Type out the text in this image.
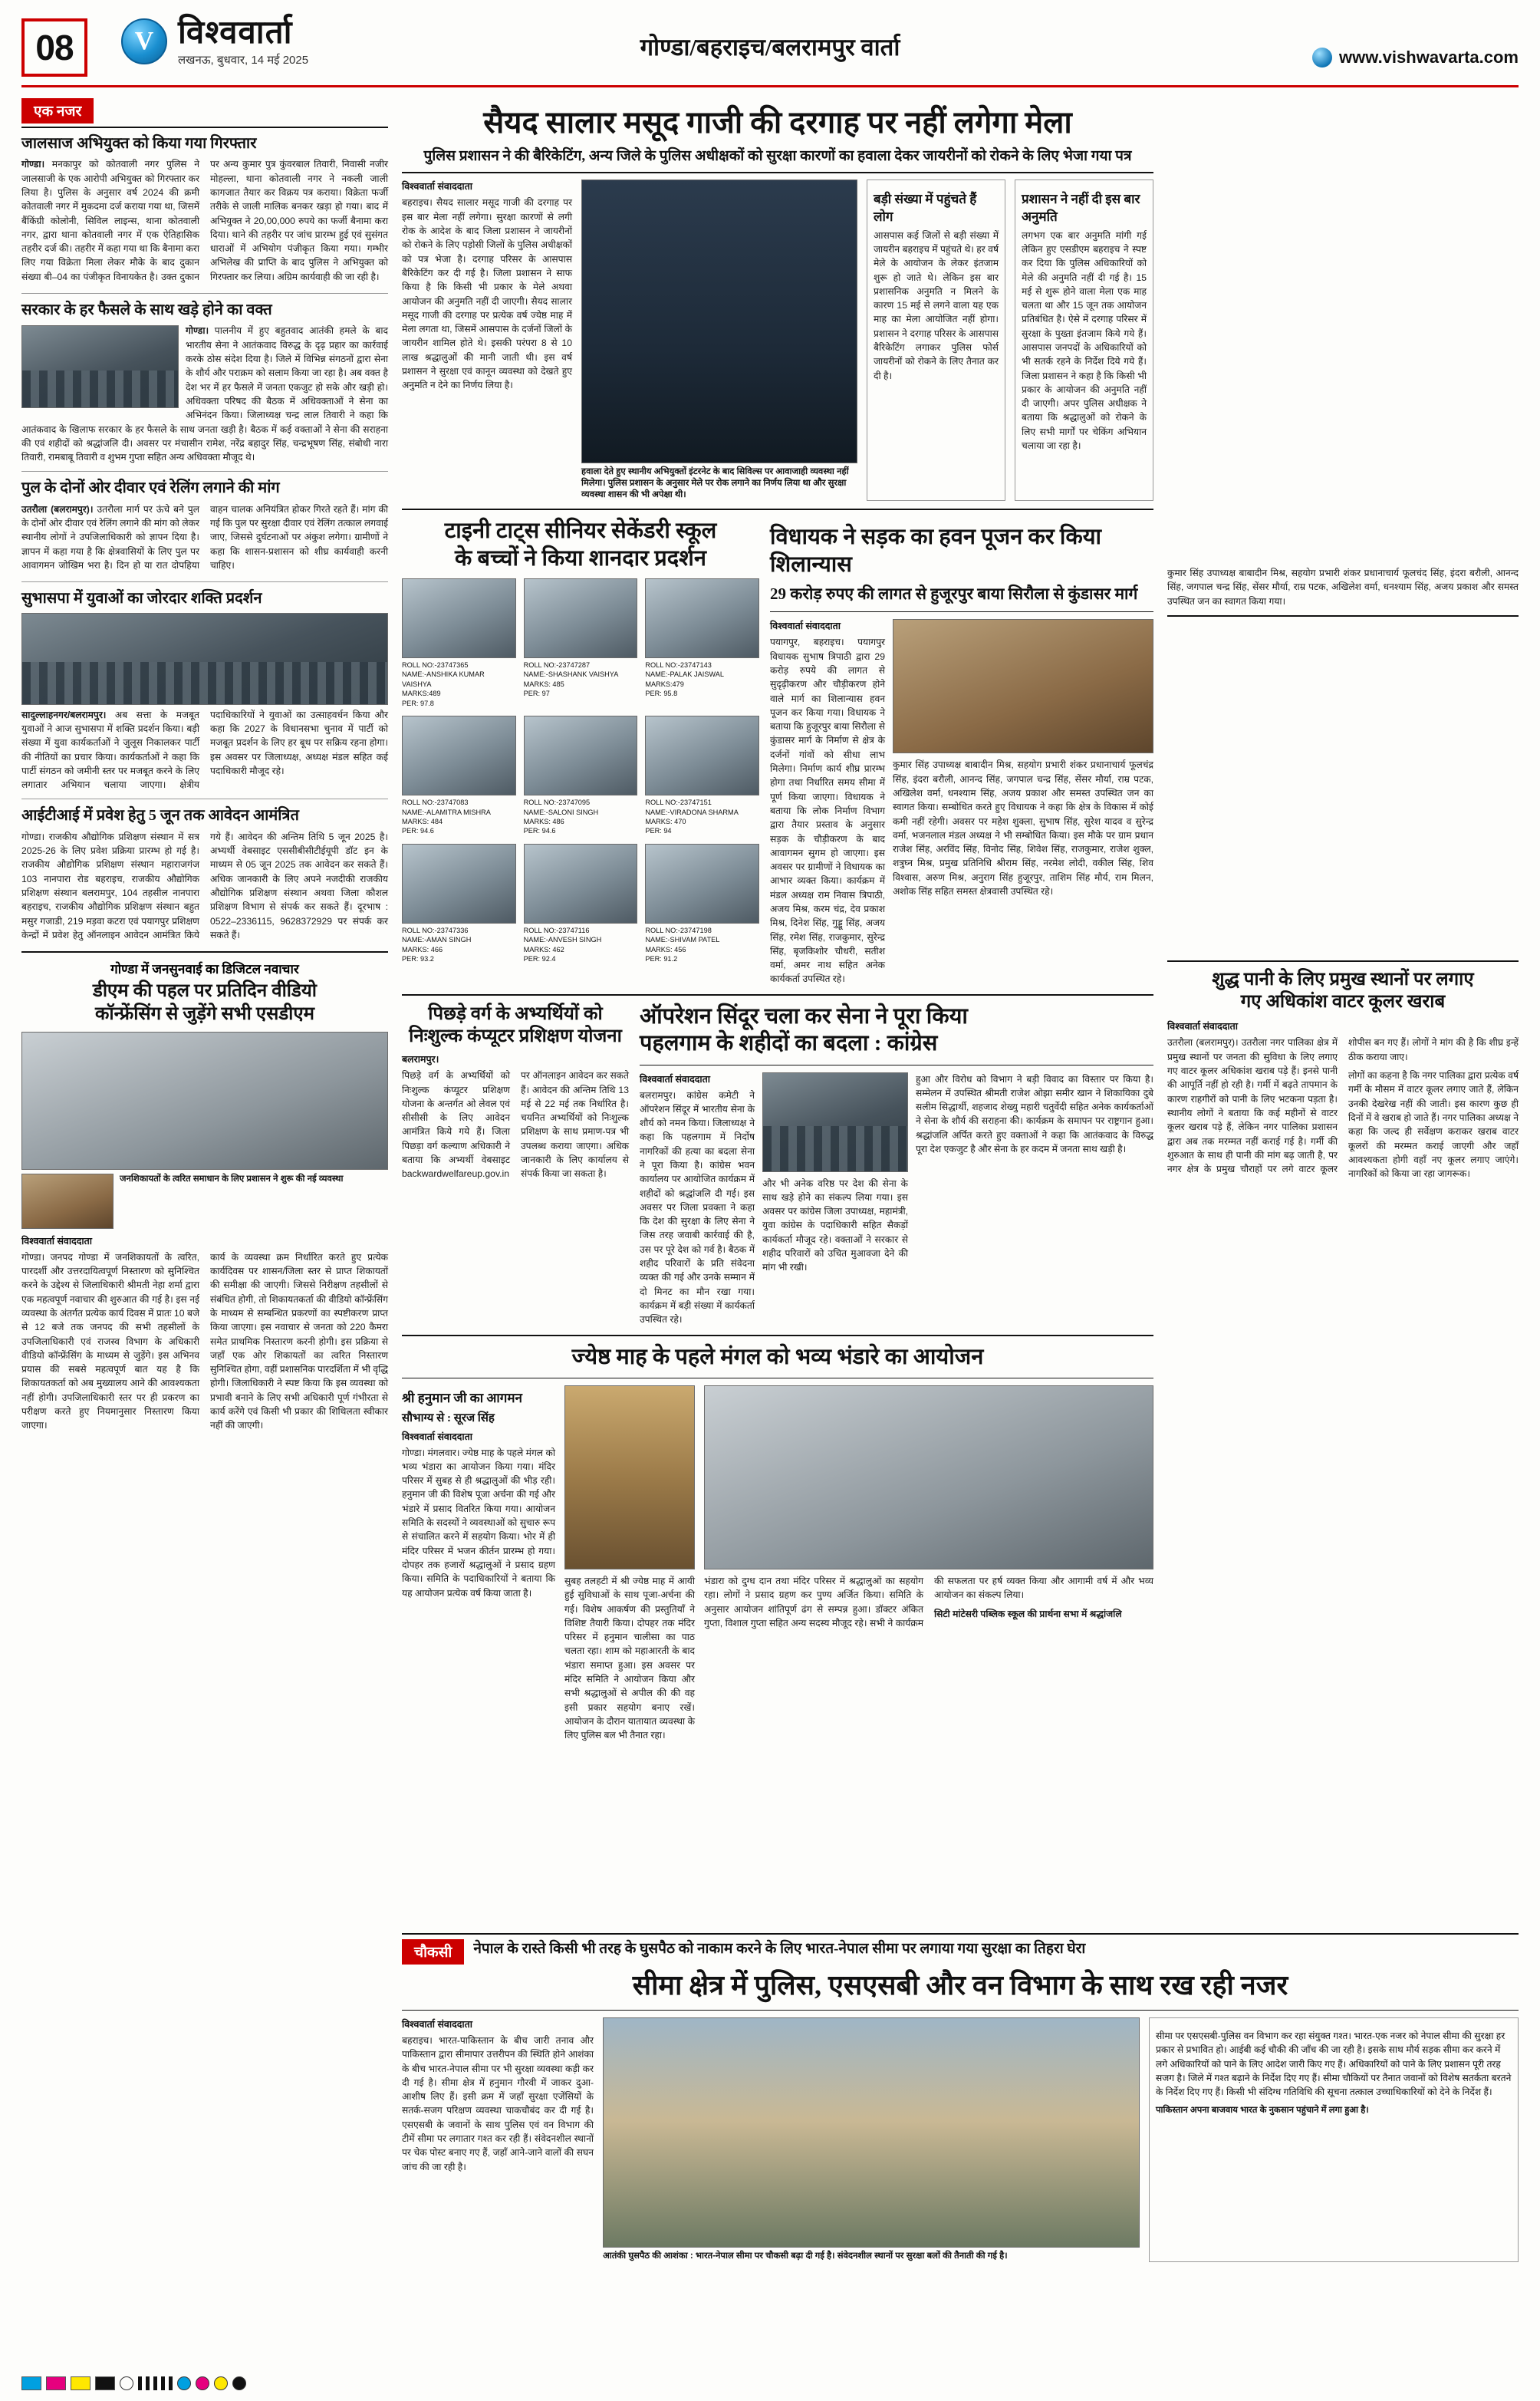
08	V विश्ववार्ता
लखनऊ, बुधवार, 14 मई 2025	गोण्डा/बहराइच/बलरामपुर वार्ता	www.vishwavarta.com
एक नजर
जालसाज अभियुक्त को किया गया गिरफ्तार

गोण्डा। मनकापुर को कोतवाली नगर पुलिस ने जालसाजी के एक आरोपी अभियुक्त को गिरफ्तार कर लिया है। पुलिस के अनुसार वर्ष 2024 की क्रमी कोतवाली नगर में मुकदमा दर्ज कराया गया था, जिसमें बैंकिंग्री कोलोनी, सिविल लाइन्स, थाना कोतवाली नगर, द्वारा थाना कोतवाली नगर में एक ऐतिहासिक तहरीर दर्ज की। तहरीर में कहा गया था कि बैनामा करा लिए गया विक्रेता मिला लेकर मौके के बाद दुकान संख्या बी–04 का पंजीकृत विनायकेत है। उक्त दुकान पर अन्य कुमार पुत्र कुंवरबाल तिवारी, निवासी नजीर मोहल्ला, थाना कोतवाली नगर ने नकली जाली कागजात तैयार कर विक्रय पत्र कराया। विक्रेता फर्जी तरीके से जाली मालिक बनकर खड़ा हो गया। बाद में अभियुक्त ने 20,00,000 रुपये का फर्जी बैनामा करा दिया। थाने की तहरीर पर जांच प्रारम्भ हुई एवं सुसंगत धाराओं में अभियोग पंजीकृत किया गया। गम्भीर अभिलेख की प्राप्ति के बाद पुलिस ने अभियुक्त को गिरफ्तार कर लिया। अग्रिम कार्यवाही की जा रही है।

सरकार के हर फैसले के साथ खड़े होने का वक्त

गोण्डा। पालनीय में हुए बहुतवाद आतंकी हमले के बाद भारतीय सेना ने आतंकवाद विरुद्ध के दृढ़ प्रहार का कार्रवाई करके ठोस संदेश दिया है। जिले में विभिन्न संगठनों द्वारा सेना के शौर्य और पराक्रम को सलाम किया जा रहा है। अब वक्त है देश भर में हर फैसले में जनता एकजुट हो सके और खड़ी हो। अधिवक्ता परिषद की बैठक में अधिवक्ताओं ने सेना का अभिनंदन किया। जिलाध्यक्ष चन्द्र लाल तिवारी ने कहा कि आतंकवाद के खिलाफ सरकार के हर फैसले के साथ जनता खड़ी है। बैठक में कई वक्ताओं ने सेना की सराहना की एवं शहीदों को श्रद्धांजलि दी। अवसर पर मंचासीन रामेश, नरेंद्र बहादुर सिंह, चन्द्रभूषण सिंह, संबोधी नारा तिवारी, रामबाबू तिवारी व शुभम गुप्ता सहित अन्य अधिवक्ता मौजूद थे।

पुल के दोनों ओर दीवार एवं रेलिंग लगाने की मांग

उतरौला (बलरामपुर)। उतरौला मार्ग पर ऊंचे बने पुल के दोनों ओर दीवार एवं रेलिंग लगाने की मांग को लेकर स्थानीय लोगों ने उपजिलाधिकारी को ज्ञापन दिया है। ज्ञापन में कहा गया है कि क्षेत्रवासियों के लिए पुल पर आवागमन जोखिम भरा है। दिन हो या रात दोपहिया वाहन चालक अनियंत्रित होकर गिरते रहते हैं। मांग की गई कि पुल पर सुरक्षा दीवार एवं रेलिंग तत्काल लगवाई जाए, जिससे दुर्घटनाओं पर अंकुश लगेगा। ग्रामीणों ने कहा कि शासन-प्रशासन को शीघ्र कार्यवाही करनी चाहिए।

सुभासपा में युवाओं का जोरदार शक्ति प्रदर्शन

सादुल्लाहनगर/बलरामपुर। अब सत्ता के मजबूत युवाओं ने आज सुभासपा में शक्ति प्रदर्शन किया। बड़ी संख्या में युवा कार्यकर्ताओं ने जुलूस निकालकर पार्टी की नीतियों का प्रचार किया। कार्यकर्ताओं ने कहा कि पार्टी संगठन को जमीनी स्तर पर मजबूत करने के लिए लगातार अभियान चलाया जाएगा। क्षेत्रीय पदाधिकारियों ने युवाओं का उत्साहवर्धन किया और कहा कि 2027 के विधानसभा चुनाव में पार्टी को मजबूत प्रदर्शन के लिए हर बूथ पर सक्रिय रहना होगा। इस अवसर पर जिलाध्यक्ष, अध्यक्ष मंडल सहित कई पदाधिकारी मौजूद रहे।

आईटीआई में प्रवेश हेतु 5 जून तक आवेदन आमंत्रित

गोण्डा। राजकीय औद्योगिक प्रशिक्षण संस्थान में सत्र 2025-26 के लिए प्रवेश प्रक्रिया प्रारम्भ हो गई है। राजकीय औद्योगिक प्रशिक्षण संस्थान महाराजगंज 103 नानपारा रोड बहराइच, राजकीय औद्योगिक प्रशिक्षण संस्थान बलरामपुर, 104 तहसील नानपारा बहराइच, राजकीय औद्योगिक प्रशिक्षण संस्थान बहुत मसुर गजाडी, 219 मड़वा कटरा एवं पयागपुर प्रशिक्षण केन्द्रों में प्रवेश हेतु ऑनलाइन आवेदन आमंत्रित किये गये हैं। आवेदन की अन्तिम तिथि 5 जून 2025 है। अभ्यर्थी वेबसाइट एससीबीसीटीईयूपी डॉट इन के माध्यम से 05 जून 2025 तक आवेदन कर सकते हैं। अधिक जानकारी के लिए अपने नजदीकी राजकीय औद्योगिक प्रशिक्षण संस्थान अथवा जिला कौशल प्रशिक्षण विभाग से संपर्क कर सकते हैं। दूरभाष : 0522–2336115, 9628372929 पर संपर्क कर सकते हैं।

गोण्डा में जनसुनवाई का डिजिटल नवाचार
डीएम की पहल पर प्रतिदिन वीडियो
कॉन्फ्रेंसिंग से जुड़ेंगे सभी एसडीएम
जनशिकायतों के त्वरित समाधान के लिए प्रशासन ने शुरू की नई व्यवस्था
विश्ववार्ता संवाददाता

गोण्डा। जनपद गोण्डा में जनशिकायतों के त्वरित, पारदर्शी और उत्तरदायित्वपूर्ण निस्तारण को सुनिश्चित करने के उद्देश्य से जिलाधिकारी श्रीमती नेहा शर्मा द्वारा एक महत्वपूर्ण नवाचार की शुरुआत की गई है। इस नई व्यवस्था के अंतर्गत प्रत्येक कार्य दिवस में प्रातः 10 बजे से 12 बजे तक जनपद की सभी तहसीलों के उपजिलाधिकारी एवं राजस्व विभाग के अधिकारी वीडियो कॉन्फ्रेंसिंग के माध्यम से जुड़ेंगे। इस अभिनव प्रयास की सबसे महत्वपूर्ण बात यह है कि शिकायतकर्ता को अब मुख्यालय आने की आवश्यकता नहीं होगी। उपजिलाधिकारी स्तर पर ही प्रकरण का परीक्षण करते हुए नियमानुसार निस्तारण किया जाएगा।

कार्य के व्यवस्था क्रम निर्धारित करते हुए प्रत्येक कार्यदिवस पर शासन/जिला स्तर से प्राप्त शिकायतों की समीक्षा की जाएगी। जिससे निरीक्षण तहसीलों से संबंधित होगी, तो शिकायतकर्ता की वीडियो कॉन्फ्रेंसिंग के माध्यम से सम्बन्धित प्रकरणों का स्पष्टीकरण प्राप्त किया जाएगा। इस नवाचार से जनता को 220 कैमरा समेत प्राथमिक निस्तारण करनी होगी। इस प्रक्रिया से जहाँ एक ओर शिकायतों का त्वरित निस्तारण सुनिश्चित होगा, वहीं प्रशासनिक पारदर्शिता में भी वृद्धि होगी। जिलाधिकारी ने स्पष्ट किया कि इस व्यवस्था को प्रभावी बनाने के लिए सभी अधिकारी पूर्ण गंभीरता से कार्य करेंगे एवं किसी भी प्रकार की शिथिलता स्वीकार नहीं की जाएगी।

सैयद सालार मसूद गाजी की दरगाह पर नहीं लगेगा मेला
पुलिस प्रशासन ने की बैरिकेटिंग, अन्य जिले के पुलिस अधीक्षकों को सुरक्षा कारणों का हवाला देकर जायरीनों को रोकने के लिए भेजा गया पत्र
विश्ववार्ता संवाददाता
बहराइच। सैयद सालार मसूद गाजी की दरगाह पर इस बार मेला नहीं लगेगा। सुरक्षा कारणों से लगी रोक के आदेश के बाद जिला प्रशासन ने जायरीनों को रोकने के लिए पड़ोसी जिलों के पुलिस अधीक्षकों को पत्र भेजा है। दरगाह परिसर के आसपास बैरिकेटिंग कर दी गई है। जिला प्रशासन ने साफ किया है कि किसी भी प्रकार के मेले अथवा आयोजन की अनुमति नहीं दी जाएगी। सैयद सालार मसूद गाजी की दरगाह पर प्रत्येक वर्ष ज्येष्ठ माह में मेला लगता था, जिसमें आसपास के दर्जनों जिलों के जायरीन शामिल होते थे। इसकी परंपरा 8 से 10 लाख श्रद्धालुओं की मानी जाती थी। इस वर्ष प्रशासन ने सुरक्षा एवं कानून व्यवस्था को देखते हुए अनुमति न देने का निर्णय लिया है।
हवाला देते हुए स्थानीय अभियुक्तों इंटरनेट के बाद सिविल्स पर आवाजाही व्यवस्था नहीं मिलेगा। पुलिस प्रशासन के अनुसार मेले पर रोक लगाने का निर्णय लिया था और सुरक्षा व्यवस्था शासन की भी अपेक्षा थी।
बड़ी संख्या में पहुंचते हैं लोग
आसपास कई जिलों से बड़ी संख्या में जायरीन बहराइच में पहुंचते थे। हर वर्ष मेले के आयोजन के लेकर इंतजाम शुरू हो जाते थे। लेकिन इस बार प्रशासनिक अनुमति न मिलने के कारण 15 मई से लगने वाला यह एक माह का मेला आयोजित नहीं होगा। प्रशासन ने दरगाह परिसर के आसपास बैरिकेटिंग लगाकर पुलिस फोर्स जायरीनों को रोकने के लिए तैनात कर दी है।
प्रशासन ने नहीं दी इस बार अनुमति
लगभग एक बार अनुमति मांगी गई लेकिन हुए एसडीएम बहराइच ने स्पष्ट कर दिया कि पुलिस अधिकारियों को मेले की अनुमति नहीं दी गई है। 15 मई से शुरू होने वाला मेला एक माह चलता था और 15 जून तक आयोजन प्रतिबंधित है। ऐसे में दरगाह परिसर में सुरक्षा के पुख्ता इंतजाम किये गये हैं। आसपास जनपदों के अधिकारियों को भी सतर्क रहने के निर्देश दिये गये हैं। जिला प्रशासन ने कहा है कि किसी भी प्रकार के आयोजन की अनुमति नहीं दी जाएगी। अपर पुलिस अधीक्षक ने बताया कि श्रद्धालुओं को रोकने के लिए सभी मार्गों पर चेकिंग अभियान चलाया जा रहा है।
टाइनी टाट्स सीनियर सेकेंडरी स्कूल
के बच्चों ने किया शानदार प्रदर्शन
ROLL NO:-23747365
NAME:-ANSHIKA KUMAR VAISHYA
MARKS:489
PER: 97.8
ROLL NO:-23747287
NAME:-SHASHANK VAISHYA
MARKS: 485
PER: 97
ROLL NO:-23747143
NAME:-PALAK JAISWAL
MARKS:479
PER: 95.8
ROLL NO:-23747083
NAME:-ALAMITRA MISHRA
MARKS: 484
PER: 94.6
ROLL NO:-23747095
NAME:-SALONI SINGH
MARKS: 486
PER: 94.6
ROLL NO:-23747151
NAME:-VIRADONA SHARMA
MARKS: 470
PER: 94
ROLL NO:-23747336
NAME:-AMAN SINGH
MARKS: 466
PER: 93.2
ROLL NO:-23747116
NAME:-ANVESH SINGH
MARKS: 462
PER: 92.4
ROLL NO:-23747198
NAME:-SHIVAM PATEL
MARKS: 456
PER: 91.2
विधायक ने सड़क का हवन पूजन कर किया शिलान्यास
29 करोड़ रुपए की लागत से हुजूरपुर बाया सिरौला से कुंडासर मार्ग
विश्ववार्ता संवाददाता
पयागपुर, बहराइच। पयागपुर विधायक सुभाष त्रिपाठी द्वारा 29 करोड़ रुपये की लागत से सुदृढ़ीकरण और चौड़ीकरण होने वाले मार्ग का शिलान्यास हवन पूजन कर किया गया। विधायक ने बताया कि हुजूरपुर बाया सिरौला से कुंडासर मार्ग के निर्माण से क्षेत्र के दर्जनों गांवों को सीधा लाभ मिलेगा। निर्माण कार्य शीघ्र प्रारम्भ होगा तथा निर्धारित समय सीमा में पूर्ण किया जाएगा। विधायक ने बताया कि लोक निर्माण विभाग द्वारा तैयार प्रस्ताव के अनुसार सड़क के चौड़ीकरण के बाद आवागमन सुगम हो जाएगा। इस अवसर पर ग्रामीणों ने विधायक का आभार व्यक्त किया। कार्यक्रम में मंडल अध्यक्ष राम निवास त्रिपाठी, अजय मिश्र, करम चंद्र, देव प्रकाश मिश्र, दिनेश सिंह, गुड्डू सिंह, अजय सिंह, रमेश सिंह, राजकुमार, सुरेन्द्र सिंह, बृजकिशोर चौधरी, सतीश वर्मा, अमर नाथ सहित अनेक कार्यकर्ता उपस्थित रहे।
कुमार सिंह उपाध्यक्ष बाबादीन मिश्र, सहयोग प्रभारी शंकर प्रधानाचार्य फूलचंद्र सिंह, इंदरा बरौली, आनन्द सिंह, जगपाल चन्द्र सिंह, सेंसर मौर्या, राम्र पटक, अखिलेश वर्मा, धनश्याम सिंह, अजय प्रकाश और समस्त उपस्थित जन का स्वागत किया। सम्बोधित करते हुए विधायक ने कहा कि क्षेत्र के विकास में कोई कमी नहीं रहेगी। अवसर पर महेश शुक्ला, सुभाष सिंह, सुरेश यादव व सुरेन्द्र वर्मा, भजनलाल मंडल अध्यक्ष ने भी सम्बोधित किया। इस मौके पर ग्राम प्रधान राजेश सिंह, अरविंद सिंह, विनोद सिंह, शिवेश सिंह, राजकुमार, राजेश शुक्ल, शत्रुघ्न मिश्र, प्रमुख प्रतिनिधि श्रीराम सिंह, नरमेश लोदी, वकील सिंह, शिव विश्वास, अरुण मिश्र, अनुराग सिंह हुजूरपुर, ताशिम सिंह मौर्य, राम मिलन, अशोक सिंह सहित समस्त क्षेत्रवासी उपस्थित रहे।
पिछड़े वर्ग के अभ्यर्थियों को
निःशुल्क कंप्यूटर प्रशिक्षण योजना
बलरामपुर।
पिछड़े वर्ग के अभ्यर्थियों को निःशुल्क कंप्यूटर प्रशिक्षण योजना के अन्तर्गत ओ लेवल एवं सीसीसी के लिए आवेदन आमंत्रित किये गये हैं। जिला पिछड़ा वर्ग कल्याण अधिकारी ने बताया कि अभ्यर्थी वेबसाइट backwardwelfareup.gov.in पर ऑनलाइन आवेदन कर सकते हैं। आवेदन की अन्तिम तिथि 13 मई से 22 मई तक निर्धारित है। चयनित अभ्यर्थियों को निःशुल्क प्रशिक्षण के साथ प्रमाण-पत्र भी उपलब्ध कराया जाएगा। अधिक जानकारी के लिए कार्यालय से संपर्क किया जा सकता है।
ऑपरेशन सिंदूर चला कर सेना ने पूरा किया
पहलगाम के शहीदों का बदला : कांग्रेस
विश्ववार्ता संवाददाता
बलरामपुर। कांग्रेस कमेटी ने ऑपरेशन सिंदूर में भारतीय सेना के शौर्य को नमन किया। जिलाध्यक्ष ने कहा कि पहलगाम में निर्दोष नागरिकों की हत्या का बदला सेना ने पूरा किया है। कांग्रेस भवन कार्यालय पर आयोजित कार्यक्रम में शहीदों को श्रद्धांजलि दी गई। इस अवसर पर जिला प्रवक्ता ने कहा कि देश की सुरक्षा के लिए सेना ने जिस तरह जवाबी कार्रवाई की है, उस पर पूरे देश को गर्व है। बैठक में शहीद परिवारों के प्रति संवेदना व्यक्त की गई और उनके सम्मान में दो मिनट का मौन रखा गया। कार्यक्रम में बड़ी संख्या में कार्यकर्ता उपस्थित रहे।
और भी अनेक वरिष्ठ पर देश की सेना के साथ खड़े होने का संकल्प लिया गया। इस अवसर पर कांग्रेस जिला उपाध्यक्ष, महामंत्री, युवा कांग्रेस के पदाधिकारी सहित सैकड़ों कार्यकर्ता मौजूद रहे। वक्ताओं ने सरकार से शहीद परिवारों को उचित मुआवजा देने की मांग भी रखी।
हुआ और विरोध को विभाग ने बड़ी विवाद का विस्तार पर किया है। सम्मेलन में उपस्थित श्रीमती राजेश ओझा समीर खान ने शिकायिका दुबे सलीम सिद्धार्थी, शहजाद शेख्यु महारी चतुर्वेदी सहित अनेक कार्यकर्ताओं ने सेना के शौर्य की सराहना की। कार्यक्रम के समापन पर राष्ट्रगान हुआ। श्रद्धांजलि अर्पित करते हुए वक्ताओं ने कहा कि आतंकवाद के विरुद्ध पूरा देश एकजुट है और सेना के हर कदम में जनता साथ खड़ी है।
ज्येष्ठ माह के पहले मंगल को भव्य भंडारे का आयोजन
श्री हनुमान जी का आगमन
सौभाग्य से : सूरज सिंह
विश्ववार्ता संवाददाता
गोण्डा। मंगलवार। ज्येष्ठ माह के पहले मंगल को भव्य भंडारा का आयोजन किया गया। मंदिर परिसर में सुबह से ही श्रद्धालुओं की भीड़ रही। हनुमान जी की विशेष पूजा अर्चना की गई और भंडारे में प्रसाद वितरित किया गया। आयोजन समिति के सदस्यों ने व्यवस्थाओं को सुचारु रूप से संचालित करने में सहयोग किया। भोर में ही मंदिर परिसर में भजन कीर्तन प्रारम्भ हो गया। दोपहर तक हजारों श्रद्धालुओं ने प्रसाद ग्रहण किया। समिति के पदाधिकारियों ने बताया कि यह आयोजन प्रत्येक वर्ष किया जाता है।
सुबह तलहटी में श्री ज्येष्ठ माह में आयी हुई सुविधाओं के साथ पूजा-अर्चना की गई। विशेष आकर्षण की प्रस्तुतियाँ ने विशिष्ट तैयारी किया। दोपहर तक मंदिर परिसर में हनुमान चालीसा का पाठ चलता रहा। शाम को महाआरती के बाद भंडारा समाप्त हुआ। इस अवसर पर मंदिर समिति ने आयोजन किया और सभी श्रद्धालुओं से अपील की की वह इसी प्रकार सहयोग बनाए रखें। आयोजन के दौरान यातायात व्यवस्था के लिए पुलिस बल भी तैनात रहा।

भंडारा को दुग्ध दान तथा मंदिर परिसर में श्रद्धालुओं का सहयोग रहा। लोगों ने प्रसाद ग्रहण कर पुण्य अर्जित किया। समिति के अनुसार आयोजन शांतिपूर्ण ढंग से सम्पन्न हुआ। डॉक्टर अंकित गुप्ता, विशाल गुप्ता सहित अन्य सदस्य मौजूद रहे। सभी ने कार्यक्रम की सफलता पर हर्ष व्यक्त किया और आगामी वर्ष में और भव्य आयोजन का संकल्प लिया।

सिटी मांटेसरी पब्लिक स्कूल की प्रार्थना सभा में श्रद्धांजलि

कुमार सिंह उपाध्यक्ष बाबादीन मिश्र, सहयोग प्रभारी शंकर प्रधानाचार्य फूलचंद सिंह, इंदरा बरौली, आनन्द सिंह, जगपाल चन्द्र सिंह, सेंसर मौर्या, राम्र पटक, अखिलेश वर्मा, धनश्याम सिंह, अजय प्रकाश और समस्त उपस्थित जन का स्वागत किया गया।
शुद्ध पानी के लिए प्रमुख स्थानों पर लगाए
गए अधिकांश वाटर कूलर खराब
विश्ववार्ता संवाददाता

उतरौला (बलरामपुर)। उतरौला नगर पालिका क्षेत्र में प्रमुख स्थानों पर जनता की सुविधा के लिए लगाए गए वाटर कूलर अधिकांश खराब पड़े हैं। इनसे पानी की आपूर्ति नहीं हो रही है। गर्मी में बढ़ते तापमान के कारण राहगीरों को पानी के लिए भटकना पड़ता है। स्थानीय लोगों ने बताया कि कई महीनों से वाटर कूलर खराब पड़े हैं, लेकिन नगर पालिका प्रशासन द्वारा अब तक मरम्मत नहीं कराई गई है। गर्मी की शुरुआत के साथ ही पानी की मांग बढ़ जाती है, पर नगर क्षेत्र के प्रमुख चौराहों पर लगे वाटर कूलर शोपीस बन गए हैं। लोगों ने मांग की है कि शीघ्र इन्हें ठीक कराया जाए।

लोगों का कहना है कि नगर पालिका द्वारा प्रत्येक वर्ष गर्मी के मौसम में वाटर कूलर लगाए जाते हैं, लेकिन उनकी देखरेख नहीं की जाती। इस कारण कुछ ही दिनों में वे खराब हो जाते हैं। नगर पालिका अध्यक्ष ने कहा कि जल्द ही सर्वेक्षण कराकर खराब वाटर कूलरों की मरम्मत कराई जाएगी और जहाँ आवश्यकता होगी वहाँ नए कूलर लगाए जाएंगे। नागरिकों को किया जा रहा जागरूक।

चौकसी	नेपाल के रास्ते किसी भी तरह के घुसपैठ को नाकाम करने के लिए भारत-नेपाल सीमा पर लगाया गया सुरक्षा का तिहरा घेरा
सीमा क्षेत्र में पुलिस, एसएसबी और वन विभाग के साथ रख रही नजर
विश्ववार्ता संवाददाता
बहराइच। भारत-पाकिस्तान के बीच जारी तनाव और पाकिस्तान द्वारा सीमापार उत्तरीपन की स्थिति होने आशंका के बीच भारत-नेपाल सीमा पर भी सुरक्षा व्यवस्था कड़ी कर दी गई है। सीमा क्षेत्र में हनुमान गौरवी में जाकर दुआ-आशीष लिए हैं। इसी क्रम में जहाँ सुरक्षा एजेंसियों के सतर्क-सजग परिक्षण व्यवस्था चाकचौबंद कर दी गई है। एसएसबी के जवानों के साथ पुलिस एवं वन विभाग की टीमें सीमा पर लगातार गश्त कर रही हैं। संवेदनशील स्थानों पर चेक पोस्ट बनाए गए हैं, जहाँ आने-जाने वालों की सघन जांच की जा रही है।
आतंकी घुसपैठ की आशंका : भारत-नेपाल सीमा पर चौकसी बढ़ा दी गई है। संवेदनशील स्थानों पर सुरक्षा बलों की तैनाती की गई है।
सीमा पर एसएसबी-पुलिस वन विभाग कर रहा संयुक्त गश्त। भारत-एक नजर को नेपाल सीमा की सुरक्षा हर प्रकार से प्रभावित हो। आईबी कई चौकी की जाँच की जा रही है। इसके साथ मौर्य सड़क सीमा कर करने में लगे अधिकारियों को पाने के लिए आदेश जारी किए गए हैं। अधिकारियों को पाने के लिए प्रशासन पूरी तरह सजग है। जिले में गश्त बढ़ाने के निर्देश दिए गए हैं। सीमा चौकियों पर तैनात जवानों को विशेष सतर्कता बरतने के निर्देश दिए गए हैं। किसी भी संदिग्ध गतिविधि की सूचना तत्काल उच्चाधिकारियों को देने के निर्देश हैं।
पाकिस्तान अपना बाजवाय भारत के नुकसान पहुंचाने में लगा हुआ है।
